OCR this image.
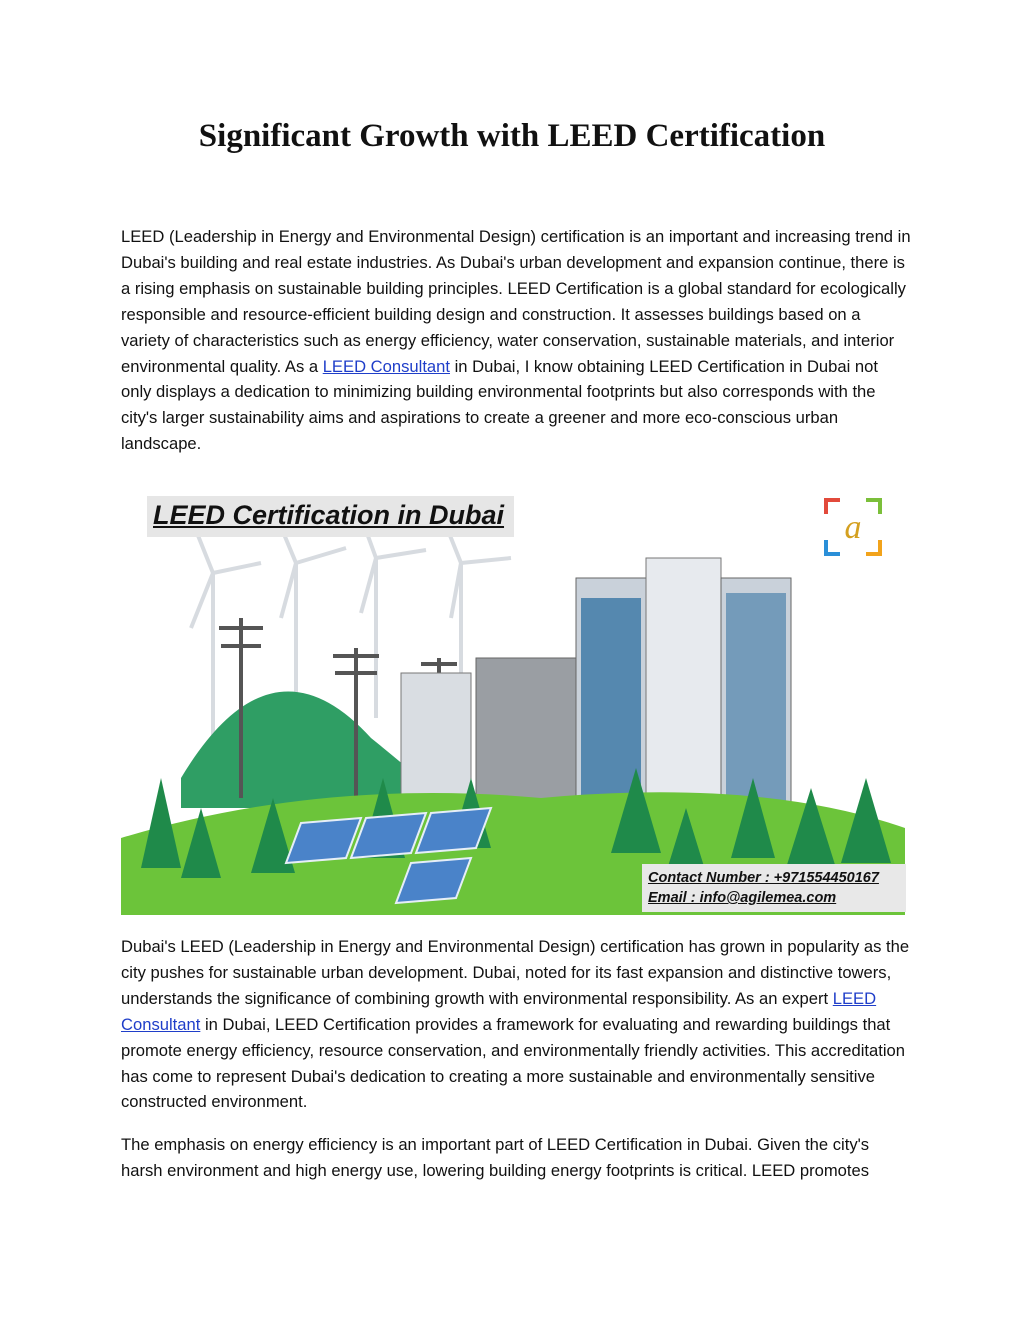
Significant Growth with LEED Certification

LEED (Leadership in Energy and Environmental Design) certification is an important and increasing trend in Dubai's building and real estate industries. As Dubai's urban development and expansion continue, there is a rising emphasis on sustainable building principles. LEED Certification is a global standard for ecologically responsible and resource-efficient building design and construction. It assesses buildings based on a variety of characteristics such as energy efficiency, water conservation, sustainable materials, and interior environmental quality. As a LEED Consultant in Dubai, I know obtaining LEED Certification in Dubai not only displays a dedication to minimizing building environmental footprints but also corresponds with the city's larger sustainability aims and aspirations to create a greener and more eco-conscious urban landscape.

LEED Certification in Dubai	a
Contact Number : +971554450167
Email : info@agilemea.com

Dubai's LEED (Leadership in Energy and Environmental Design) certification has grown in popularity as the city pushes for sustainable urban development. Dubai, noted for its fast expansion and distinctive towers, understands the significance of combining growth with environmental responsibility. As an expert LEED Consultant in Dubai, LEED Certification provides a framework for evaluating and rewarding buildings that promote energy efficiency, resource conservation, and environmentally friendly activities. This accreditation has come to represent Dubai's dedication to creating a more sustainable and environmentally sensitive constructed environment.

The emphasis on energy efficiency is an important part of LEED Certification in Dubai. Given the city's harsh environment and high energy use, lowering building energy footprints is critical. LEED promotes
